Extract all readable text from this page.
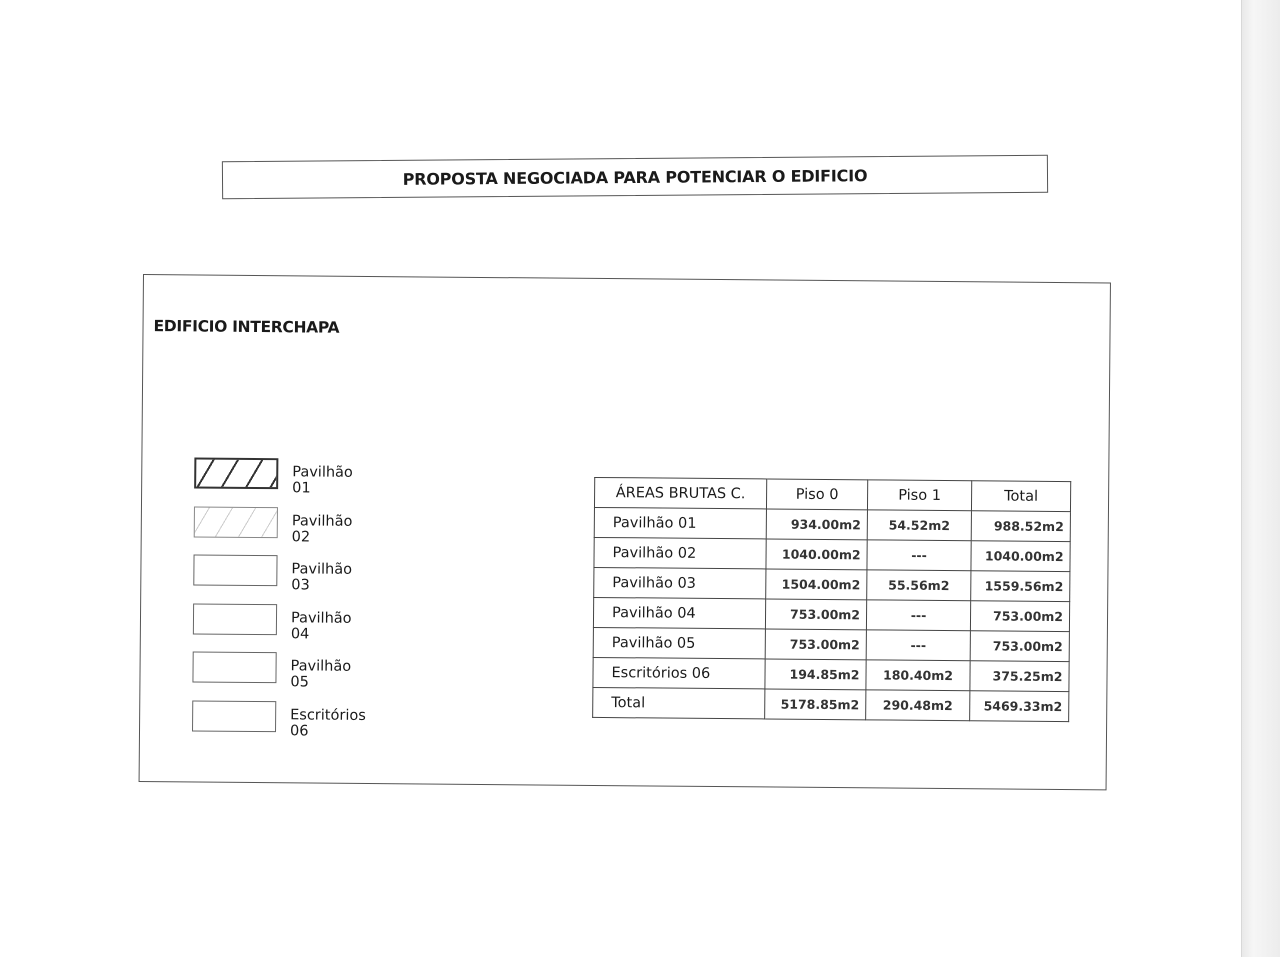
PROPOSTA NEGOCIADA PARA POTENCIAR O EDIFICIO
EDIFICIO INTERCHAPA
Pavilhão 01
Pavilhão 02
Pavilhão 03
Pavilhão 04
Pavilhão 05
Escritórios 06
ÁREAS BRUTAS C.	Piso 0	Piso 1	Total
Pavilhão 01	934.00m2	54.52m2	988.52m2
Pavilhão 02	1040.00m2	---	1040.00m2
Pavilhão 03	1504.00m2	55.56m2	1559.56m2
Pavilhão 04	753.00m2	---	753.00m2
Pavilhão 05	753.00m2	---	753.00m2
Escritórios 06	194.85m2	180.40m2	375.25m2
Total	5178.85m2	290.48m2	5469.33m2
